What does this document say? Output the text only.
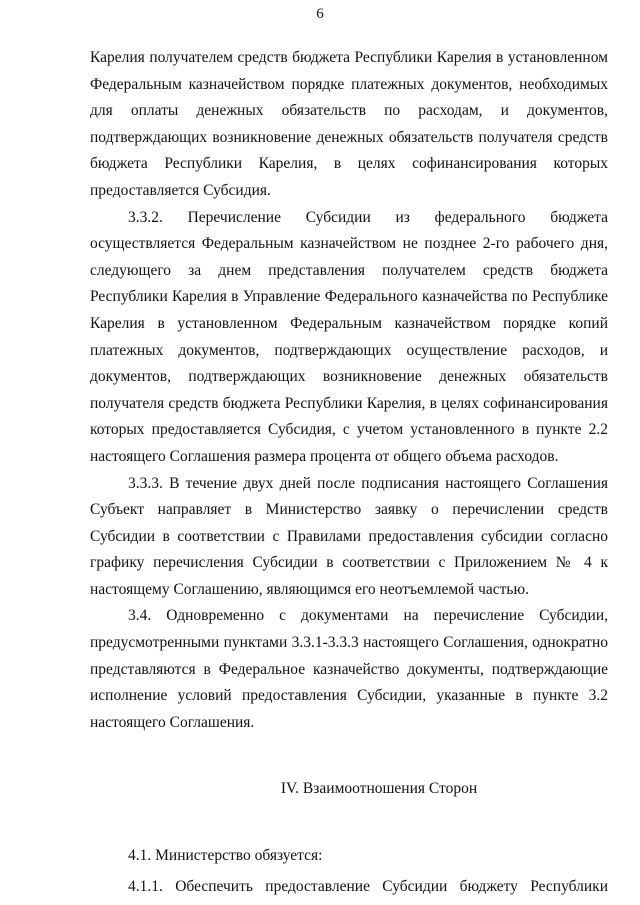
6

Карелия получателем средств бюджета Республики Карелия в установленном Федеральным казначейством порядке платежных документов, необходимых для оплаты денежных обязательств по расходам, и документов, подтверждающих возникновение денежных обязательств получателя средств бюджета Республики Карелия, в целях софинансирования которых предоставляется Субсидия.

3.3.2. Перечисление Субсидии из федерального бюджета осуществляется Федеральным казначейством не позднее 2-го рабочего дня, следующего за днем представления получателем средств бюджета Республики Карелия в Управление Федерального казначейства по Республике Карелия в установленном Федеральным казначейством порядке копий платежных документов, подтверждающих осуществление расходов, и документов, подтверждающих возникновение денежных обязательств получателя средств бюджета Республики Карелия, в целях софинансирования которых предоставляется Субсидия, с учетом установленного в пункте 2.2 настоящего Соглашения размера процента от общего объема расходов.

3.3.3. В течение двух дней после подписания настоящего Соглашения Субъект направляет в Министерство заявку о перечислении средств Субсидии в соответствии с Правилами предоставления субсидии согласно графику перечисления Субсидии в соответствии с Приложением № 4 к настоящему Соглашению, являющимся его неотъемлемой частью.

3.4. Одновременно с документами на перечисление Субсидии, предусмотренными пунктами 3.3.1-3.3.3 настоящего Соглашения, однократно представляются в Федеральное казначейство документы, подтверждающие исполнение условий предоставления Субсидии, указанные в пункте 3.2 настоящего Соглашения.

IV. Взаимоотношения Сторон

4.1. Министерство обязуется:

4.1.1. Обеспечить предоставление Субсидии бюджету Республики
